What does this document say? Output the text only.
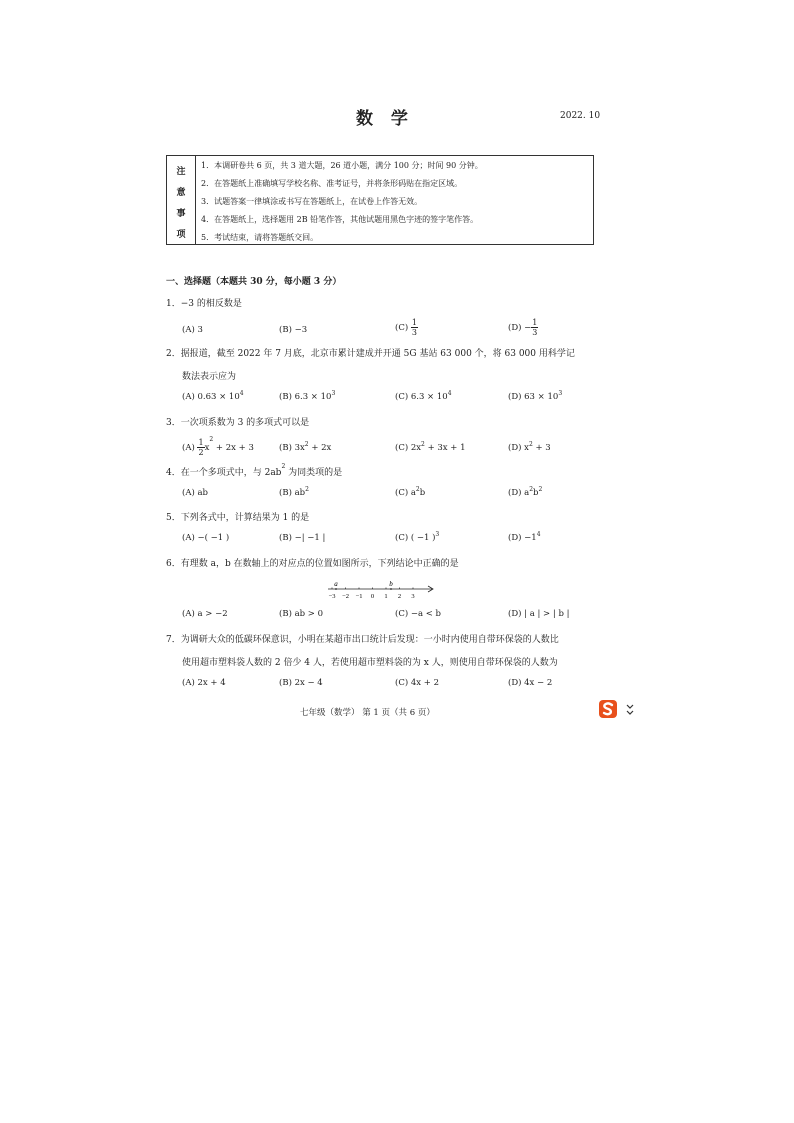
数 学	2022. 10
注
意
事
项
1．本调研卷共 6 页，共 3 道大题，26 道小题，满分 100 分；时间 90 分钟。
2．在答题纸上准确填写学校名称、准考证号，并将条形码贴在指定区域。
3．试题答案一律填涂或书写在答题纸上，在试卷上作答无效。
4．在答题纸上，选择题用 2B 铅笔作答，其他试题用黑色字迹的签字笔作答。
5．考试结束，请将答题纸交回。
一、选择题（本题共 30 分，每小题 3 分）
1．−3 的相反数是
(A) 3	(B) −3	$(C) \frac{1}{3}$	$(D) - \frac{1}{3}$
2．据报道，截至 2022 年 7 月底，北京市累计建成并开通 5G 基站 63 000 个，将 63 000 用科学记
数法表示应为
(A) $0.63 \times 10^4$	(B) $6.3 \times 10^3$	(C) $6.3 \times 10^4$	(D) $63 \times 10^3$
3．一次项系数为 3 的多项式可以是
$(A) \frac{1}{2} x^2 + 2x + 3$	(B) $3x^2 + 2x$	(C) $2x^2 + 3x + 1$	(D) $x^2 + 3$
4．在一个多项式中，与 $2ab^2$ 为同类项的是
(A) ab	(B) $ab^2$	(C) $a^2b$	(D) $a^2b^2$
5．下列各式中，计算结果为 1 的是
(A) −( −1 )	(B) −| −1 |	(C) ( −1 )$^3$	$(D) -1^4$
6．有理数 a，b 在数轴上的对应点的位置如图所示，下列结论中正确的是
−3 −2 −1 0 1 2 3
a	b
(A) a > −2	(B) ab > 0	(C) −a < b	(D) | a | > | b |
7．为调研大众的低碳环保意识，小明在某超市出口统计后发现：一小时内使用自带环保袋的人数比
使用超市塑料袋人数的 2 倍少 4 人，若使用超市塑料袋的为 x 人，则使用自带环保袋的人数为
(A) 2x + 4	(B) 2x − 4	(C) 4x + 2	(D) 4x − 2
七年级（数学） 第 1 页（共 6 页）
